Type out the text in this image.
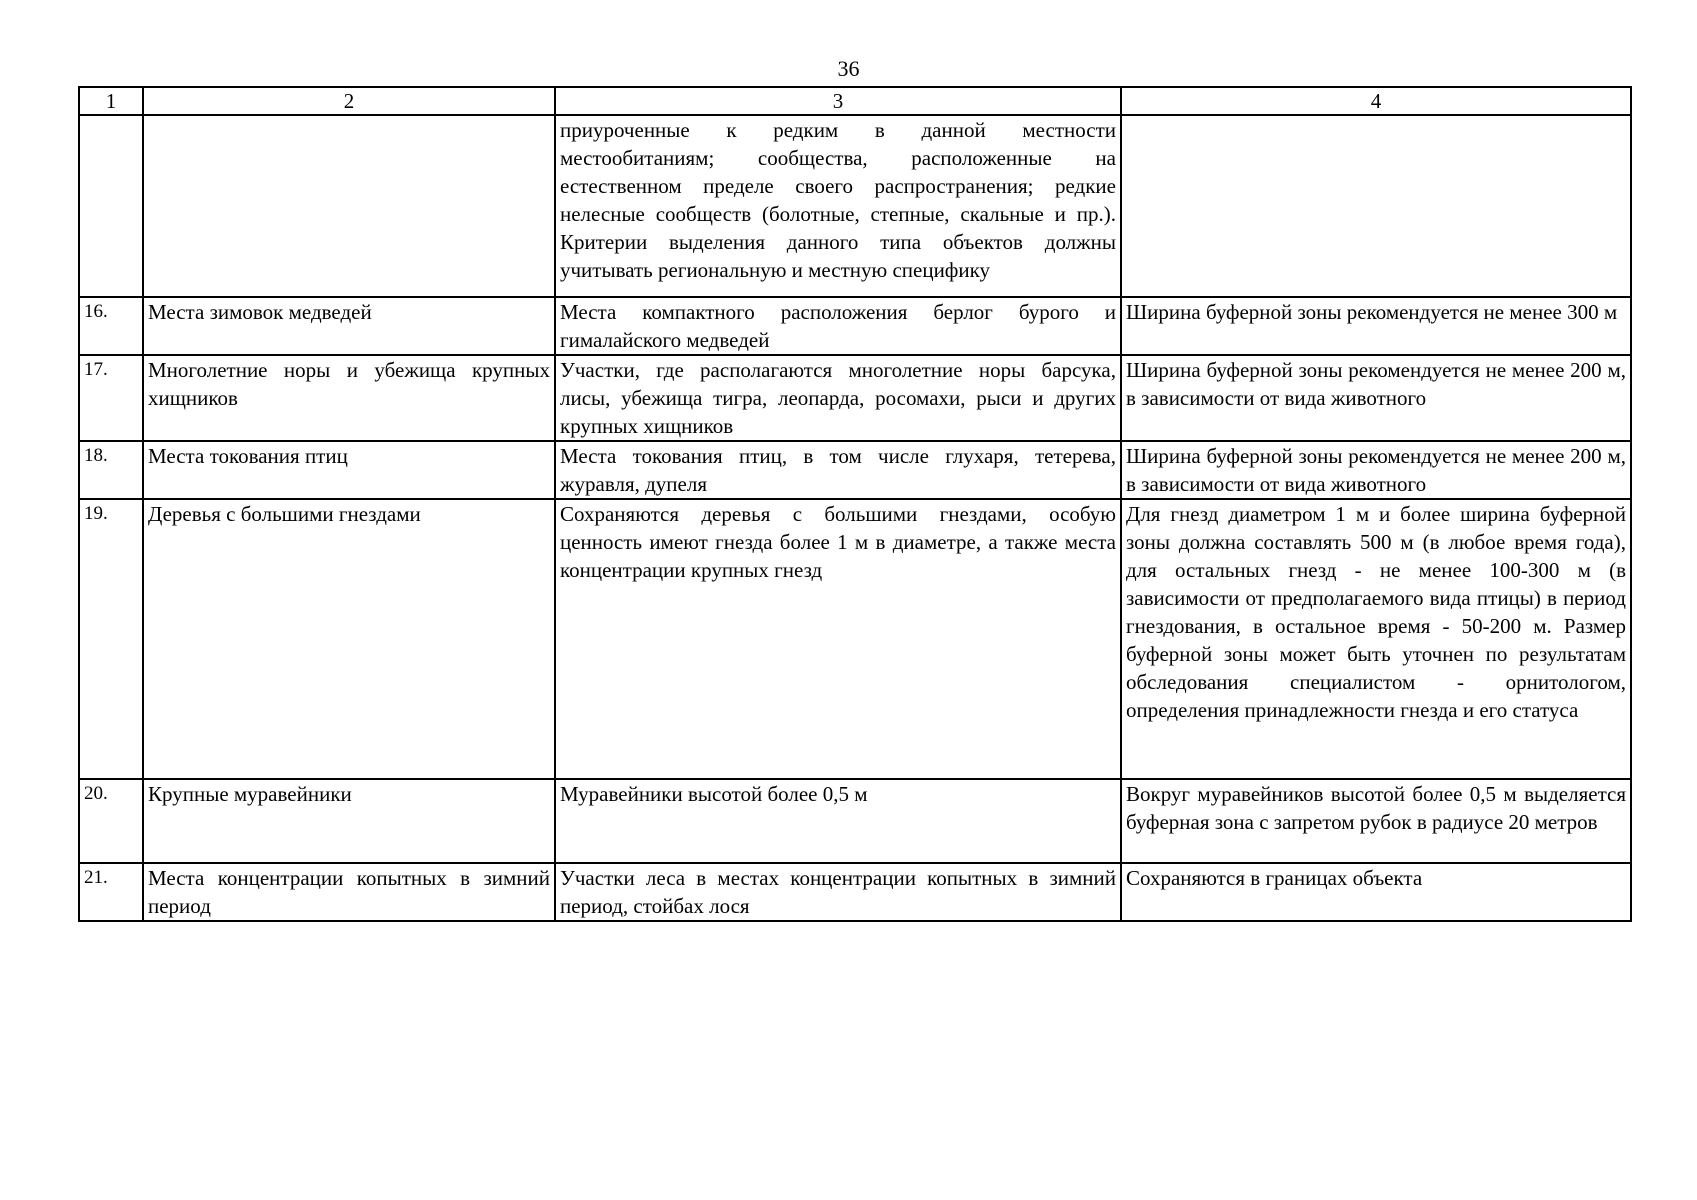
36
1	2	3	4
		приуроченные к редким в данной местности местообитаниям; сообщества, расположенные на естественном пределе своего распространения; редкие нелесные сообществ (болотные, степные, скальные и пр.). Критерии выделения данного типа объектов должны учитывать региональную и местную специфику	
16.	Места зимовок медведей	Места компактного расположения берлог бурого и гималайского медведей	Ширина буферной зоны рекомендуется не менее 300 м
17.	Многолетние норы и убежища крупных хищников	Участки, где располагаются многолетние норы барсука, лисы, убежища тигра, леопарда, росомахи, рыси и других крупных хищников	Ширина буферной зоны рекомендуется не менее 200 м, в зависимости от вида животного
18.	Места токования птиц	Места токования птиц, в том числе глухаря, тетерева, журавля, дупеля	Ширина буферной зоны рекомендуется не менее 200 м, в зависимости от вида животного
19.	Деревья с большими гнездами	Сохраняются деревья с большими гнездами, особую ценность имеют гнезда более 1 м в диаметре, а также места концентрации крупных гнезд	Для гнезд диаметром 1 м и более ширина буферной зоны должна составлять 500 м (в любое время года), для остальных гнезд - не менее 100-300 м (в зависимости от предполагаемого вида птицы) в период гнездования, в остальное время - 50-200 м. Размер буферной зоны может быть уточнен по результатам обследования специалистом - орнитологом, определения принадлежности гнезда и его статуса
20.	Крупные муравейники	Муравейники высотой более 0,5 м	Вокруг муравейников высотой более 0,5 м выделяется буферная зона с запретом рубок в радиусе 20 метров
21.	Места концентрации копытных в зимний период	Участки леса в местах концентрации копытных в зимний период, стойбах лося	Сохраняются в границах объекта
